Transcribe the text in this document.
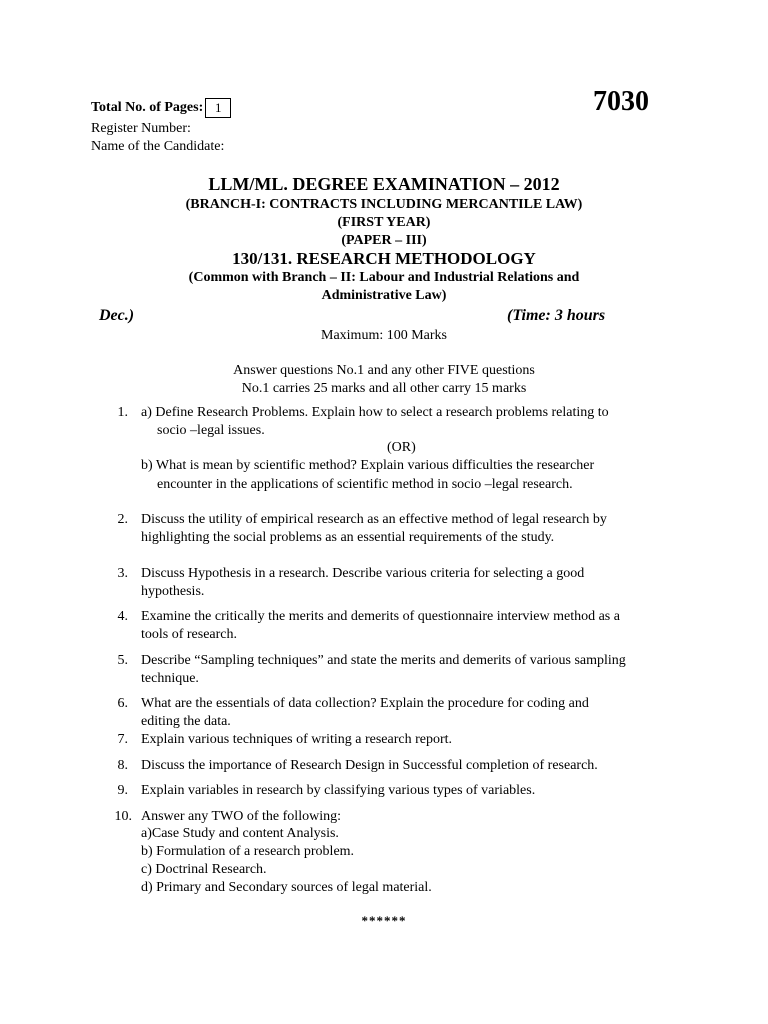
Total No. of Pages: 1	7030
Register Number:
Name of the Candidate:
LLM/ML. DEGREE EXAMINATION – 2012
(BRANCH-I: CONTRACTS INCLUDING MERCANTILE LAW)
(FIRST YEAR)
(PAPER – III)
130/131. RESEARCH METHODOLOGY
(Common with Branch – II: Labour and Industrial Relations and
Administrative Law)
Dec.)	(Time: 3 hours
Maximum: 100 Marks
Answer questions No.1 and any other FIVE questions
No.1 carries 25 marks and all other carry 15 marks
1. a) Define Research Problems. Explain how to select a research problems relating to
socio –legal issues.
(OR)
b) What is mean by scientific method? Explain various difficulties the researcher
encounter in the applications of scientific method in socio –legal research.
2. Discuss the utility of empirical research as an effective method of legal research by
highlighting the social problems as an essential requirements of the study.
3. Discuss Hypothesis in a research. Describe various criteria for selecting a good
hypothesis.
4. Examine the critically the merits and demerits of questionnaire interview method as a
tools of research.
5. Describe “Sampling techniques” and state the merits and demerits of various sampling
technique.
6. What are the essentials of data collection? Explain the procedure for coding and
editing the data.
7. Explain various techniques of writing a research report.
8. Discuss the importance of Research Design in Successful completion of research.
9. Explain variables in research by classifying various types of variables.
10. Answer any TWO of the following:
a)Case Study and content Analysis.
b) Formulation of a research problem.
c) Doctrinal Research.
d) Primary and Secondary sources of legal material.
******
